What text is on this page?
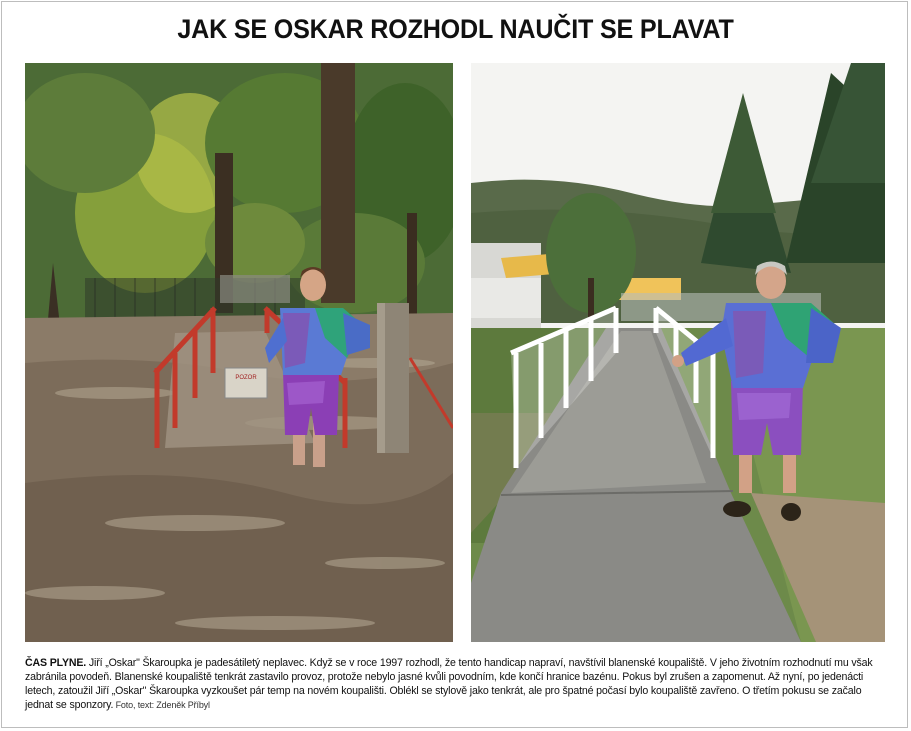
JAK SE OSKAR ROZHODL NAUČIT SE PLAVAT
POZOR
ČAS PLYNE. Jiří „Oskar" Škaroupka je padesátiletý neplavec. Když se v roce 1997 rozhodl, že tento handicap napraví, navštívil blanenské koupaliště. V jeho životním rozhodnutí mu však zabránila povodeň. Blanenské koupaliště tenkrát zastavilo provoz, protože nebylo jasné kvůli povodním, kde končí hranice bazénu. Pokus byl zrušen a zapomenut. Až nyní, po jedenácti letech, zatoužil Jiří „Oskar" Škaroupka vyzkoušet pár temp na novém koupališti. Oblékl se stylově jako tenkrát, ale pro špatné počasí bylo koupaliště zavřeno. O třetím pokusu se začalo jednat se sponzory. Foto, text: Zdeněk Příbyl
